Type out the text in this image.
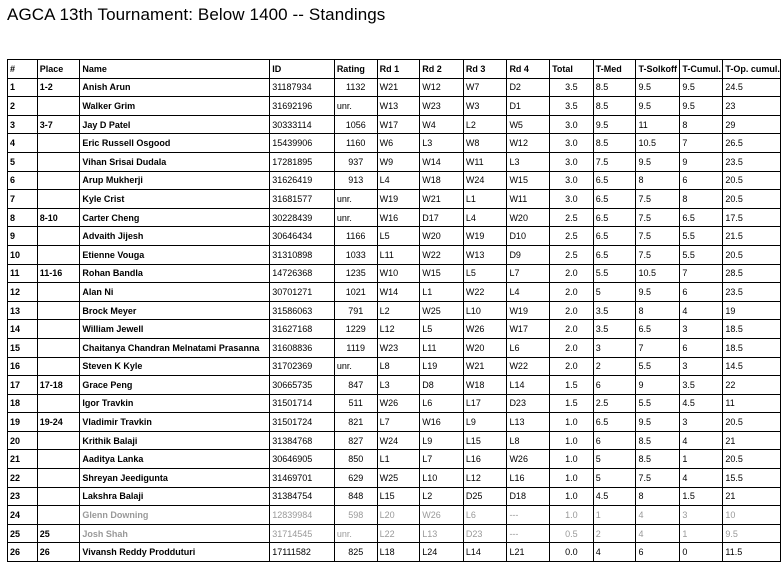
AGCA 13th Tournament: Below 1400 -- Standings
#	Place	Name	ID	Rating	Rd 1	Rd 2	Rd 3	Rd 4	Total	T-Med	T-Solkoff	T-Cumul.	T-Op. cumul.
1	1-2	Anish Arun	31187934	1132	W21	W12	W7	D2	3.5	8.5	9.5	9.5	24.5
2		Walker Grim	31692196	unr.	W13	W23	W3	D1	3.5	8.5	9.5	9.5	23
3	3-7	Jay D Patel	30333114	1056	W17	W4	L2	W5	3.0	9.5	11	8	29
4		Eric Russell Osgood	15439906	1160	W6	L3	W8	W12	3.0	8.5	10.5	7	26.5
5		Vihan Srisai Dudala	17281895	937	W9	W14	W11	L3	3.0	7.5	9.5	9	23.5
6		Arup Mukherji	31626419	913	L4	W18	W24	W15	3.0	6.5	8	6	20.5
7		Kyle Crist	31681577	unr.	W19	W21	L1	W11	3.0	6.5	7.5	8	20.5
8	8-10	Carter Cheng	30228439	unr.	W16	D17	L4	W20	2.5	6.5	7.5	6.5	17.5
9		Advaith Jijesh	30646434	1166	L5	W20	W19	D10	2.5	6.5	7.5	5.5	21.5
10		Etienne Vouga	31310898	1033	L11	W22	W13	D9	2.5	6.5	7.5	5.5	20.5
11	11-16	Rohan Bandla	14726368	1235	W10	W15	L5	L7	2.0	5.5	10.5	7	28.5
12		Alan Ni	30701271	1021	W14	L1	W22	L4	2.0	5	9.5	6	23.5
13		Brock Meyer	31586063	791	L2	W25	L10	W19	2.0	3.5	8	4	19
14		William Jewell	31627168	1229	L12	L5	W26	W17	2.0	3.5	6.5	3	18.5
15		Chaitanya Chandran Melnatami Prasanna	31608836	1119	W23	L11	W20	L6	2.0	3	7	6	18.5
16		Steven K Kyle	31702369	unr.	L8	L19	W21	W22	2.0	2	5.5	3	14.5
17	17-18	Grace Peng	30665735	847	L3	D8	W18	L14	1.5	6	9	3.5	22
18		Igor Travkin	31501714	511	W26	L6	L17	D23	1.5	2.5	5.5	4.5	11
19	19-24	Vladimir Travkin	31501724	821	L7	W16	L9	L13	1.0	6.5	9.5	3	20.5
20		Krithik Balaji	31384768	827	W24	L9	L15	L8	1.0	6	8.5	4	21
21		Aaditya Lanka	30646905	850	L1	L7	L16	W26	1.0	5	8.5	1	20.5
22		Shreyan Jeedigunta	31469701	629	W25	L10	L12	L16	1.0	5	7.5	4	15.5
23		Lakshra Balaji	31384754	848	L15	L2	D25	D18	1.0	4.5	8	1.5	21
24		Glenn Downing	12839984	598	L20	W26	L6	---	1.0	1	4	3	10
25	25	Josh Shah	31714545	unr.	L22	L13	D23	---	0.5	2	4	1	9.5
26	26	Vivansh Reddy Prodduturi	17111582	825	L18	L24	L14	L21	0.0	4	6	0	11.5
